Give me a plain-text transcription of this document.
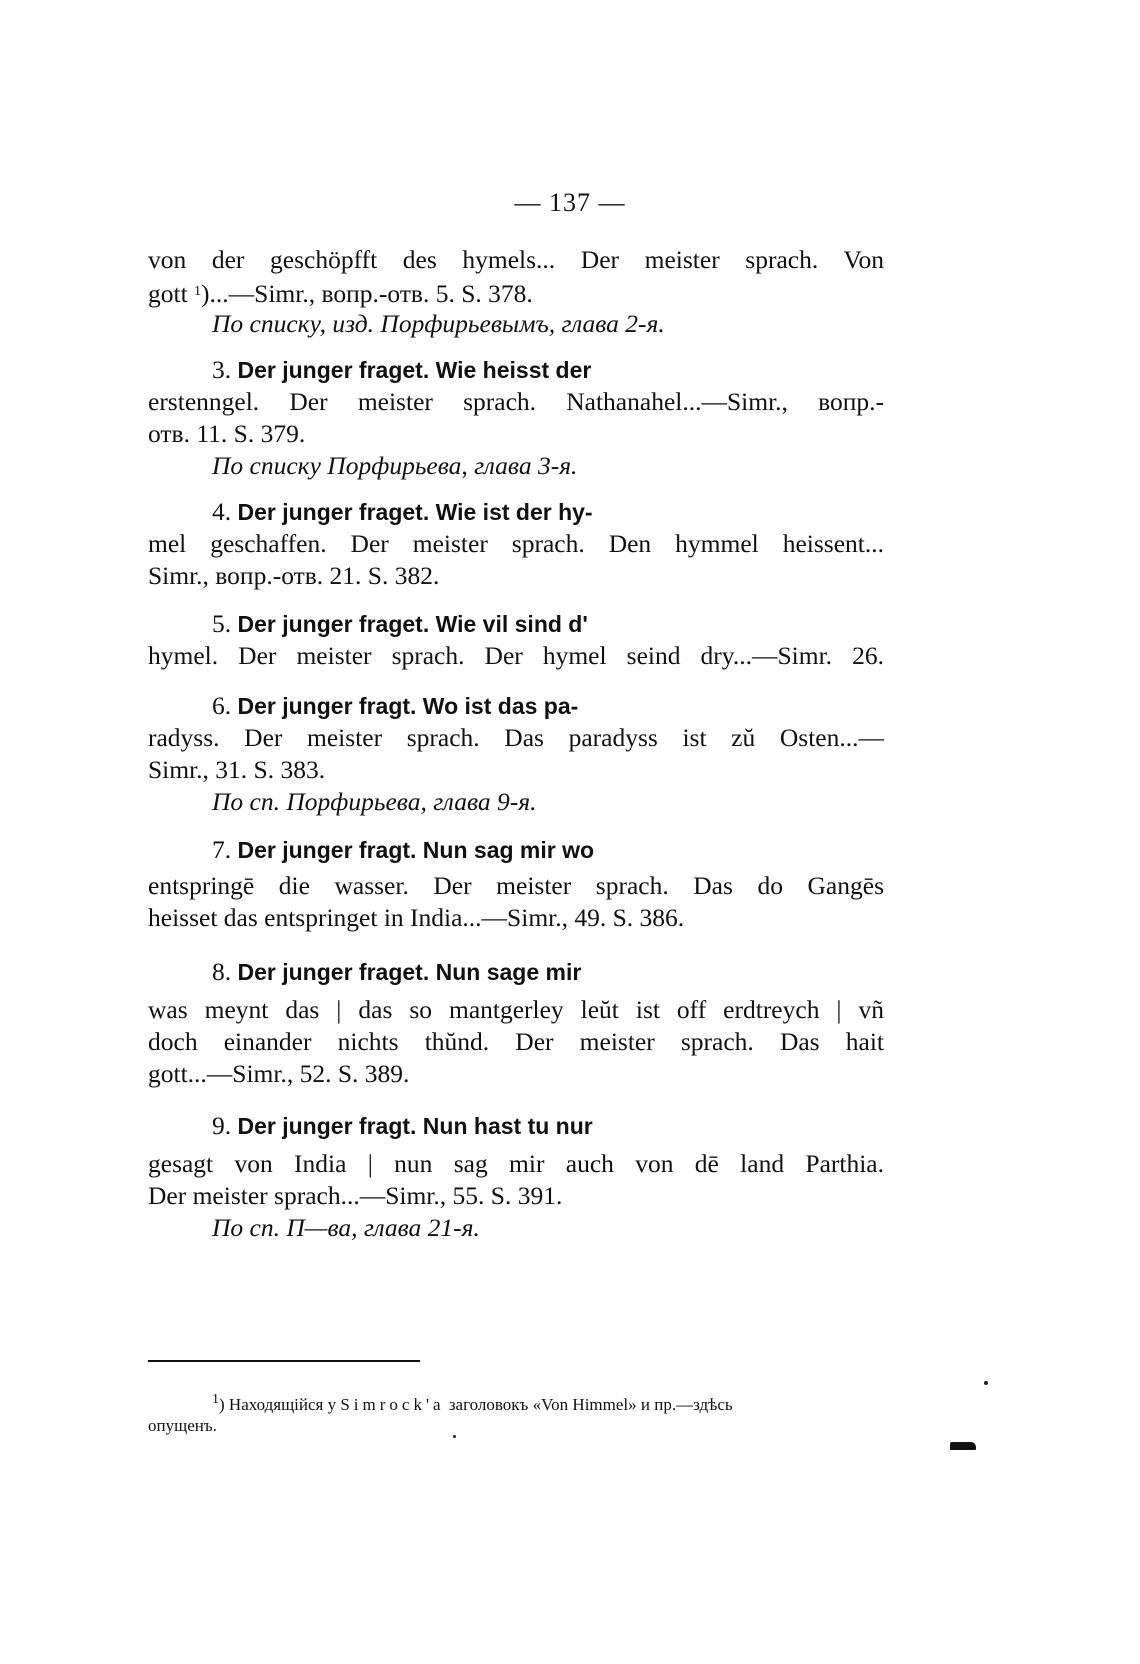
— 137 —
von der geschöpfft des hymels... Der meister sprach. Von
gott $^1$)...—Simr., вопр.-отв. 5. S. 378.
По списку, изд. Порфирьевымъ, глава 2-я.
3. Der junger fraget. Wie heisst der
erstenngel. Der meister sprach. Nathanahel...—Simr., вопр.-
отв. 11. S. 379.
По списку Порфирьева, глава 3-я.
4. Der junger fraget. Wie ist der hy-
mel geschaffen. Der meister sprach. Den hymmel heissent...
Simr., вопр.-отв. 21. S. 382.
5. Der junger fraget. Wie vil sind d'
hymel. Der meister sprach. Der hymel seind dry...—Simr. 26.
6. Der junger fragt. Wo ist das pa-
radyss. Der meister sprach. Das paradyss ist zŭ Osten...—
Simr., 31. S. 383.
По сп. Порфирьева, глава 9-я.
7. Der junger fragt. Nun sag mir wo
entspringē die wasser. Der meister sprach. Das do Gangēs
heisset das entspringet in India...—Simr., 49. S. 386.
8. Der junger fraget. Nun sage mir
was meynt das | das so mantgerley leŭt ist off erdtreych | vñ
doch einander nichts thŭnd. Der meister sprach. Das hait
gott...—Simr., 52. S. 389.
9. Der junger fragt. Nun hast tu nur
gesagt von India | nun sag mir auch von dē land Parthia.
Der meister sprach...—Simr., 55. S. 391.
По сп. П—ва, глава 21-я.
$^1$) Находящійся у Simrock'a заголовокъ «Von Himmel» и пр.—здѣсь
опущенъ.
